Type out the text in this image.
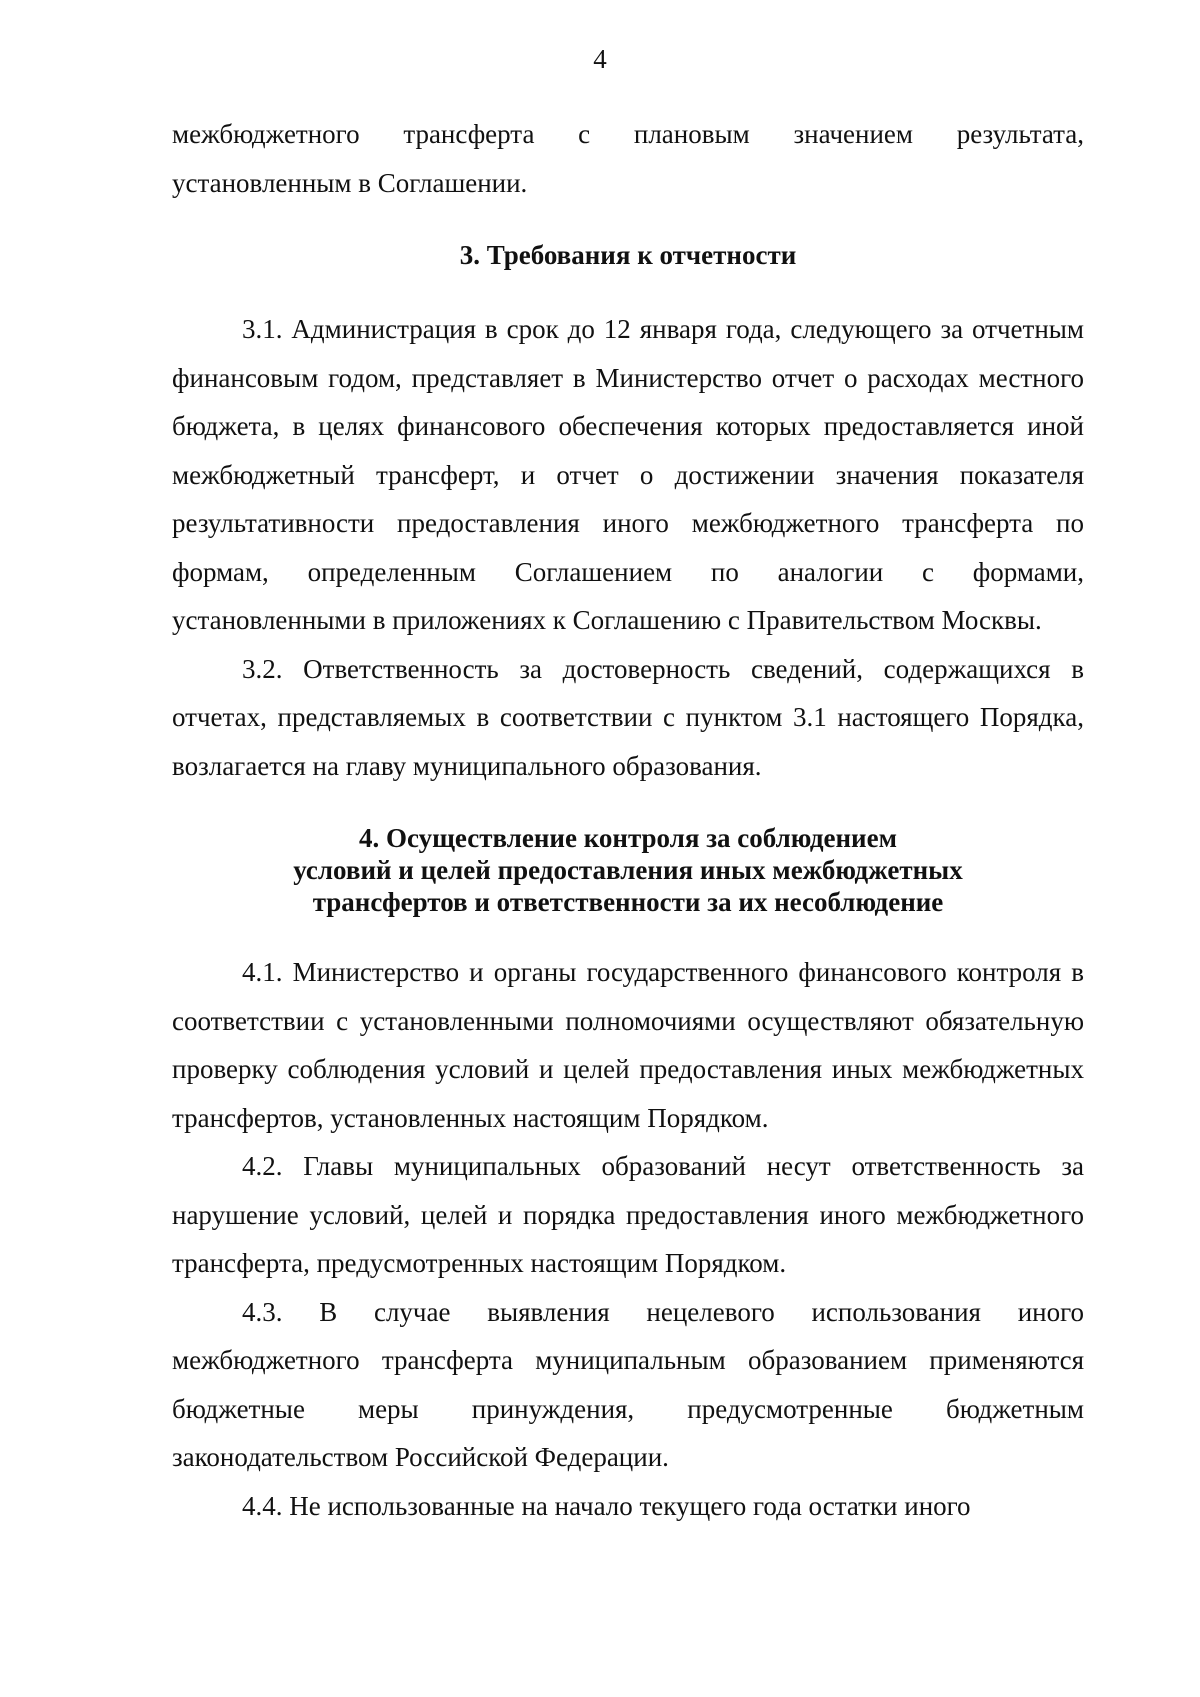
4

межбюджетного трансферта с плановым значением результата, установленным в Соглашении.

3. Требования к отчетности

3.1. Администрация в срок до 12 января года, следующего за отчетным финансовым годом, представляет в Министерство отчет о расходах местного бюджета, в целях финансового обеспечения которых предоставляется иной межбюджетный трансферт, и отчет о достижении значения показателя результативности предоставления иного межбюджетного трансферта по формам, определенным Соглашением по аналогии с формами, установленными в приложениях к Соглашению с Правительством Москвы.

3.2. Ответственность за достоверность сведений, содержащихся в отчетах, представляемых в соответствии с пунктом 3.1 настоящего Порядка, возлагается на главу муниципального образования.

4. Осуществление контроля за соблюдением
условий и целей предоставления иных межбюджетных
трансфертов и ответственности за их несоблюдение

4.1. Министерство и органы государственного финансового контроля в соответствии с установленными полномочиями осуществляют обязательную проверку соблюдения условий и целей предоставления иных межбюджетных трансфертов, установленных настоящим Порядком.

4.2. Главы муниципальных образований несут ответственность за нарушение условий, целей и порядка предоставления иного межбюджетного трансферта, предусмотренных настоящим Порядком.

4.3. В случае выявления нецелевого использования иного межбюджетного трансферта муниципальным образованием применяются бюджетные меры принуждения, предусмотренные бюджетным законодательством Российской Федерации.

4.4. Не использованные на начало текущего года остатки иного
